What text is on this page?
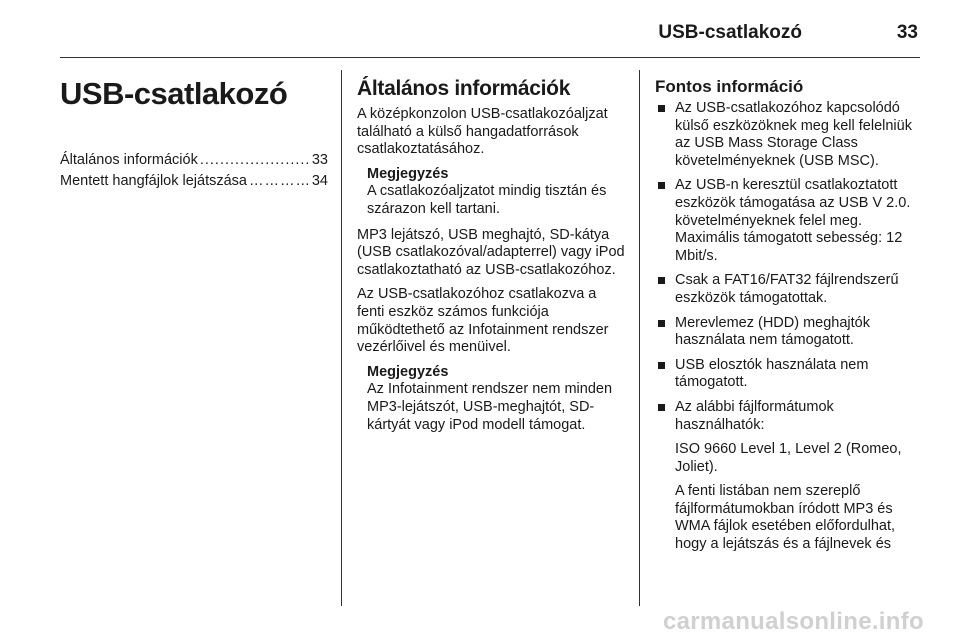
USB-csatlakozó	33
USB-csatlakozó
Általános információk .....	33
Mentett hangfájlok lejátszása …………………………………………	34
Általános információk

A középkonzolon USB-csatlakozóaljzat található a külső hangadatforrások csatlakoztatásához.

Megjegyzés

A csatlakozóaljzatot mindig tisztán és szárazon kell tartani.

MP3 lejátszó, USB meghajtó, SD-kátya (USB csatlakozóval/adapterrel) vagy iPod csatlakoztatható az USB-csatlakozóhoz.

Az USB-csatlakozóhoz csatlakozva a fenti eszköz számos funkciója működtethető az Infotainment rendszer vezérlőivel és menüivel.

Megjegyzés

Az Infotainment rendszer nem minden MP3-lejátszót, USB-meghajtót, SD-kártyát vagy iPod modell támogat.

Fontos információ
Az USB-csatlakozóhoz kapcsolódó külső eszközöknek meg kell felelniük az USB Mass Storage Class követelményeknek (USB MSC).
Az USB-n keresztül csatlakoztatott eszközök támogatása az USB V 2.0. követelményeknek felel meg. Maximális támogatott sebesség: 12 Mbit/s.
Csak a FAT16/FAT32 fájlrendszerű eszközök támogatottak.
Merevlemez (HDD) meghajtók használata nem támogatott.
USB elosztók használata nem támogatott.
Az alábbi fájlformátumok használhatók:

ISO 9660 Level 1, Level 2 (Romeo, Joliet).

A fenti listában nem szereplő fájlformátumokban íródott MP3 és WMA fájlok esetében előfordulhat, hogy a lejátszás és a fájlnevek és

carmanualsonline.info
